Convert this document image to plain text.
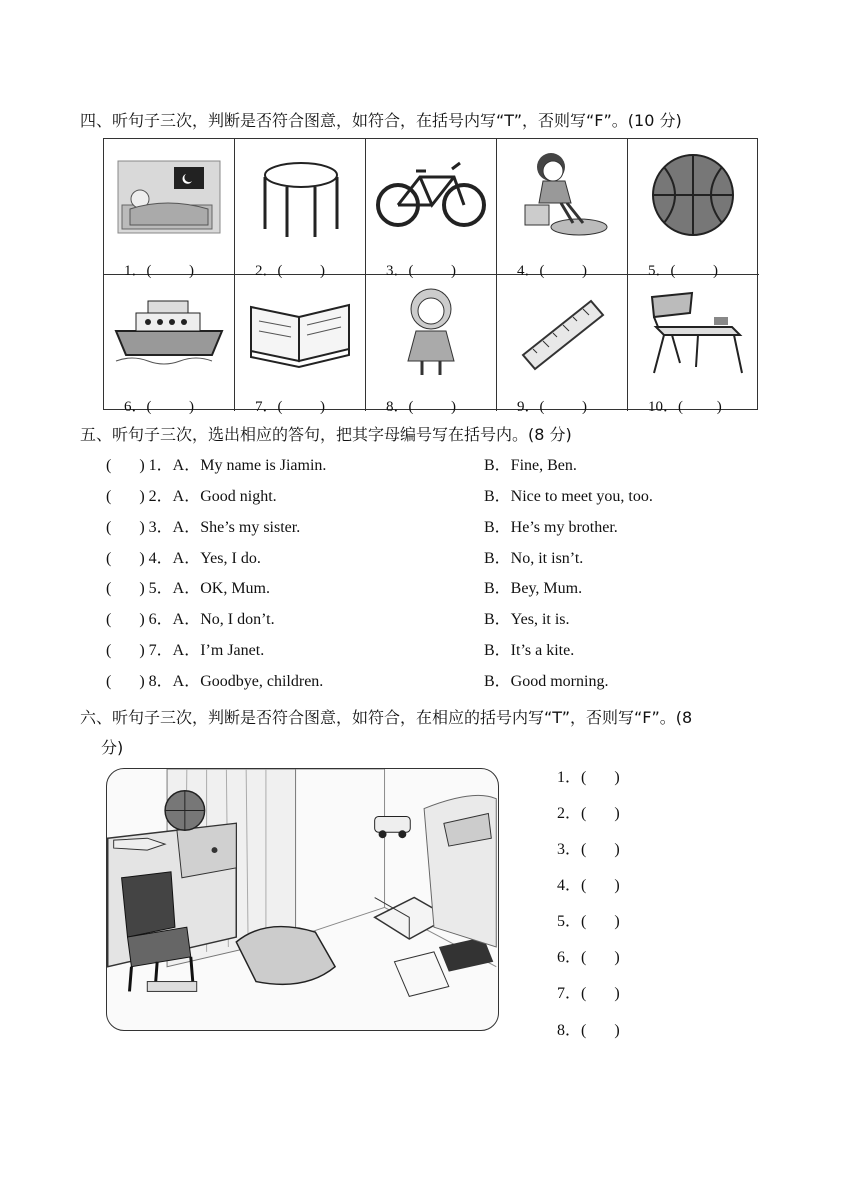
四、听句子三次，判断是否符合图意，如符合，在括号内写“T”，否则写“F”。(10 分)
1．(          )	2．(          )	3．(          )	4．(          )	5．(          )
6．(          )	7．(          )	8．(          )	9．(          )	10．(         )
五、听句子三次，选出相应的答句，把其字母编号写在括号内。(8 分)
(       ) 1．A．My name is Jiamin.	B．Fine, Ben.
(       ) 2．A．Good night.	B．Nice to meet you, too.
(       ) 3．A．She’s my sister.	B．He’s my brother.
(       ) 4．A．Yes, I do.	B．No, it isn’t.
(       ) 5．A．OK, Mum.	B．Bey, Mum.
(       ) 6．A．No, I don’t.	B．Yes, it is.
(       ) 7．A．I’m Janet.	B．It’s a kite.
(       ) 8．A．Goodbye, children.	B．Good morning.
六、听句子三次，判断是否符合图意，如符合，在相应的括号内写“T”，否则写“F”。(8
分)
1．(       )
2．(       )
3．(       )
4．(       )
5．(       )
6．(       )
7．(       )
8．(       )
